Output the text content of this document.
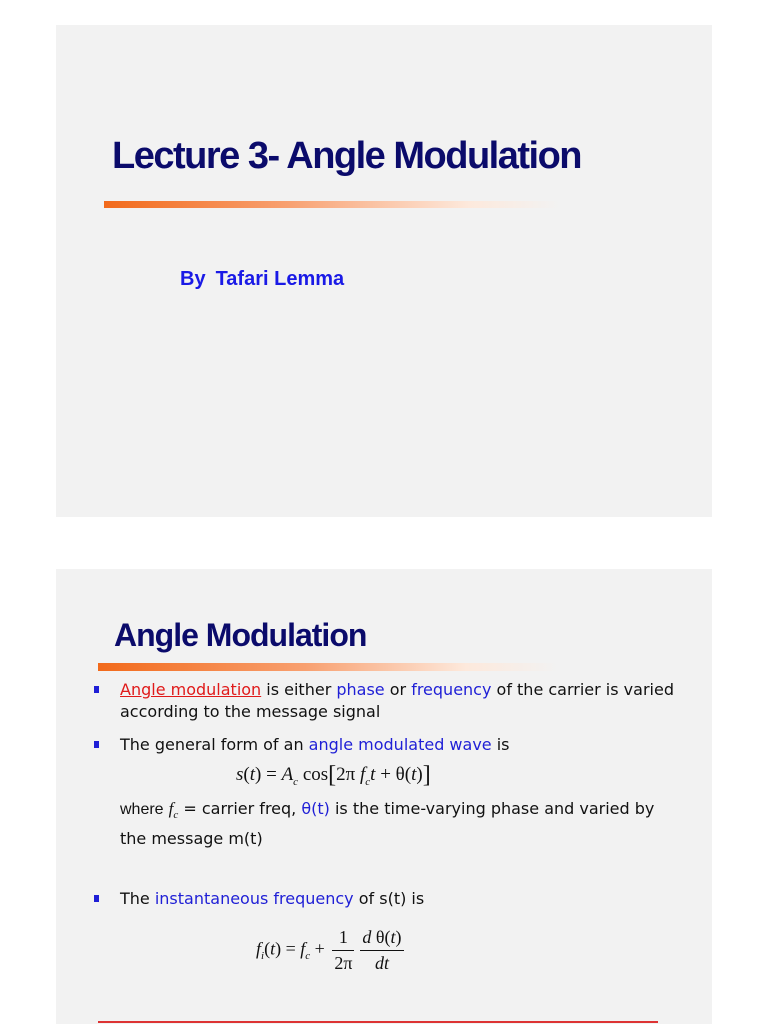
Lecture 3- Angle Modulation
By Tafari Lemma
Angle Modulation
Angle modulation is either phase or frequency of the carrier is varied according to the message signal
The general form of an angle modulated wave is
$s(t) = A_c$ cos[2π $f_ct + \theta(t)$]
where $f_c$ = carrier freq, θ(t) is the time-varying phase and varied by the message m(t)
The instantaneous frequency of s(t) is
$f_i(t) = f_c + \frac{1}{2\pi} \frac{\text{d θ(t)}}{dt}$
